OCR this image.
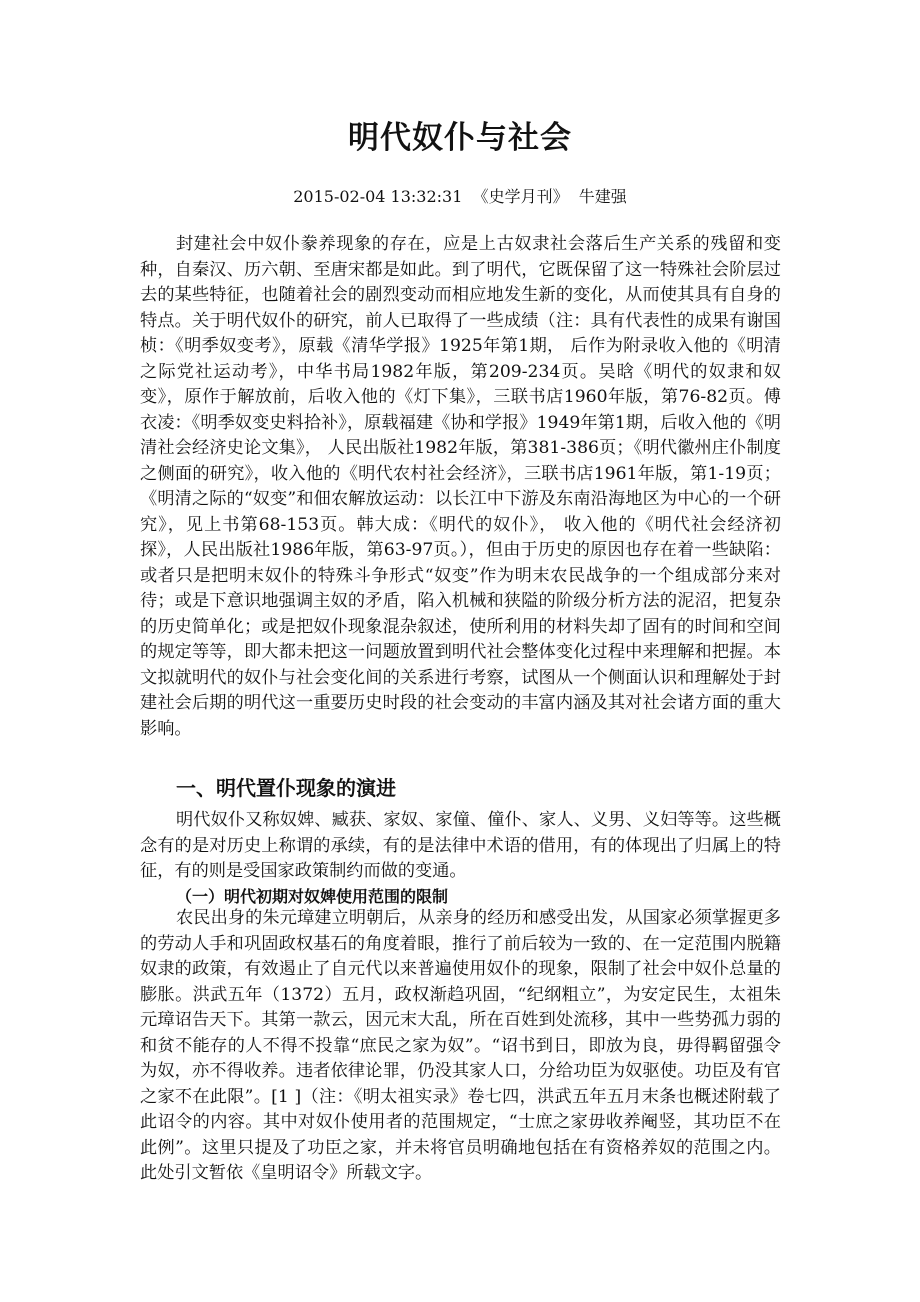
明代奴仆与社会
2015-02-04 13:32:31  《史学月刊》  牛建强

封建社会中奴仆豢养现象的存在，应是上古奴隶社会落后生产关系的残留和变种，自秦汉、历六朝、至唐宋都是如此。到了明代，它既保留了这一特殊社会阶层过去的某些特征，也随着社会的剧烈变动而相应地发生新的变化，从而使其具有自身的特点。关于明代奴仆的研究，前人已取得了一些成绩（注：具有代表性的成果有谢国桢：《明季奴变考》，原载《清华学报》1925年第1期， 后作为附录收入他的《明清之际党社运动考》，中华书局1982年版，第209-234页。吴晗《明代的奴隶和奴变》，原作于解放前，后收入他的《灯下集》，三联书店1960年版，第76-82页。傅衣凌：《明季奴变史料拾补》，原载福建《协和学报》1949年第1期，后收入他的《明清社会经济史论文集》， 人民出版社1982年版，第381-386页；《明代徽州庄仆制度之侧面的研究》，收入他的《明代农村社会经济》，三联书店1961年版，第1-19页； 《明清之际的“奴变”和佃农解放运动：以长江中下游及东南沿海地区为中心的一个研究》，见上书第68-153页。韩大成：《明代的奴仆》， 收入他的《明代社会经济初探》，人民出版社1986年版，第63-97页。），但由于历史的原因也存在着一些缺陷：或者只是把明末奴仆的特殊斗争形式“奴变”作为明末农民战争的一个组成部分来对待；或是下意识地强调主奴的矛盾，陷入机械和狭隘的阶级分析方法的泥沼，把复杂的历史简单化；或是把奴仆现象混杂叙述，使所利用的材料失却了固有的时间和空间的规定等等，即大都未把这一问题放置到明代社会整体变化过程中来理解和把握。本文拟就明代的奴仆与社会变化间的关系进行考察，试图从一个侧面认识和理解处于封建社会后期的明代这一重要历史时段的社会变动的丰富内涵及其对社会诸方面的重大影响。

一、明代置仆现象的演进

明代奴仆又称奴婢、臧获、家奴、家僮、僮仆、家人、义男、义妇等等。这些概念有的是对历史上称谓的承续，有的是法律中术语的借用，有的体现出了归属上的特征，有的则是受国家政策制约而做的变通。

（一）明代初期对奴婢使用范围的限制

农民出身的朱元璋建立明朝后，从亲身的经历和感受出发，从国家必须掌握更多的劳动人手和巩固政权基石的角度着眼，推行了前后较为一致的、在一定范围内脱籍奴隶的政策，有效遏止了自元代以来普遍使用奴仆的现象，限制了社会中奴仆总量的膨胀。洪武五年（1372）五月，政权渐趋巩固，“纪纲粗立”，为安定民生，太祖朱元璋诏告天下。其第一款云，因元末大乱，所在百姓到处流移，其中一些势孤力弱的和贫不能存的人不得不投靠“庶民之家为奴”。“诏书到日，即放为良，毋得羁留强令为奴，亦不得收养。违者依律论罪，仍没其家人口，分给功臣为奴驱使。功臣及有官之家不在此限”。[1 ]（注：《明太祖实录》卷七四，洪武五年五月末条也概述附载了此诏令的内容。其中对奴仆使用者的范围规定，“士庶之家毋收养阉竖，其功臣不在此例”。这里只提及了功臣之家，并未将官员明确地包括在有资格养奴的范围之内。此处引文暂依《皇明诏令》所载文字。
